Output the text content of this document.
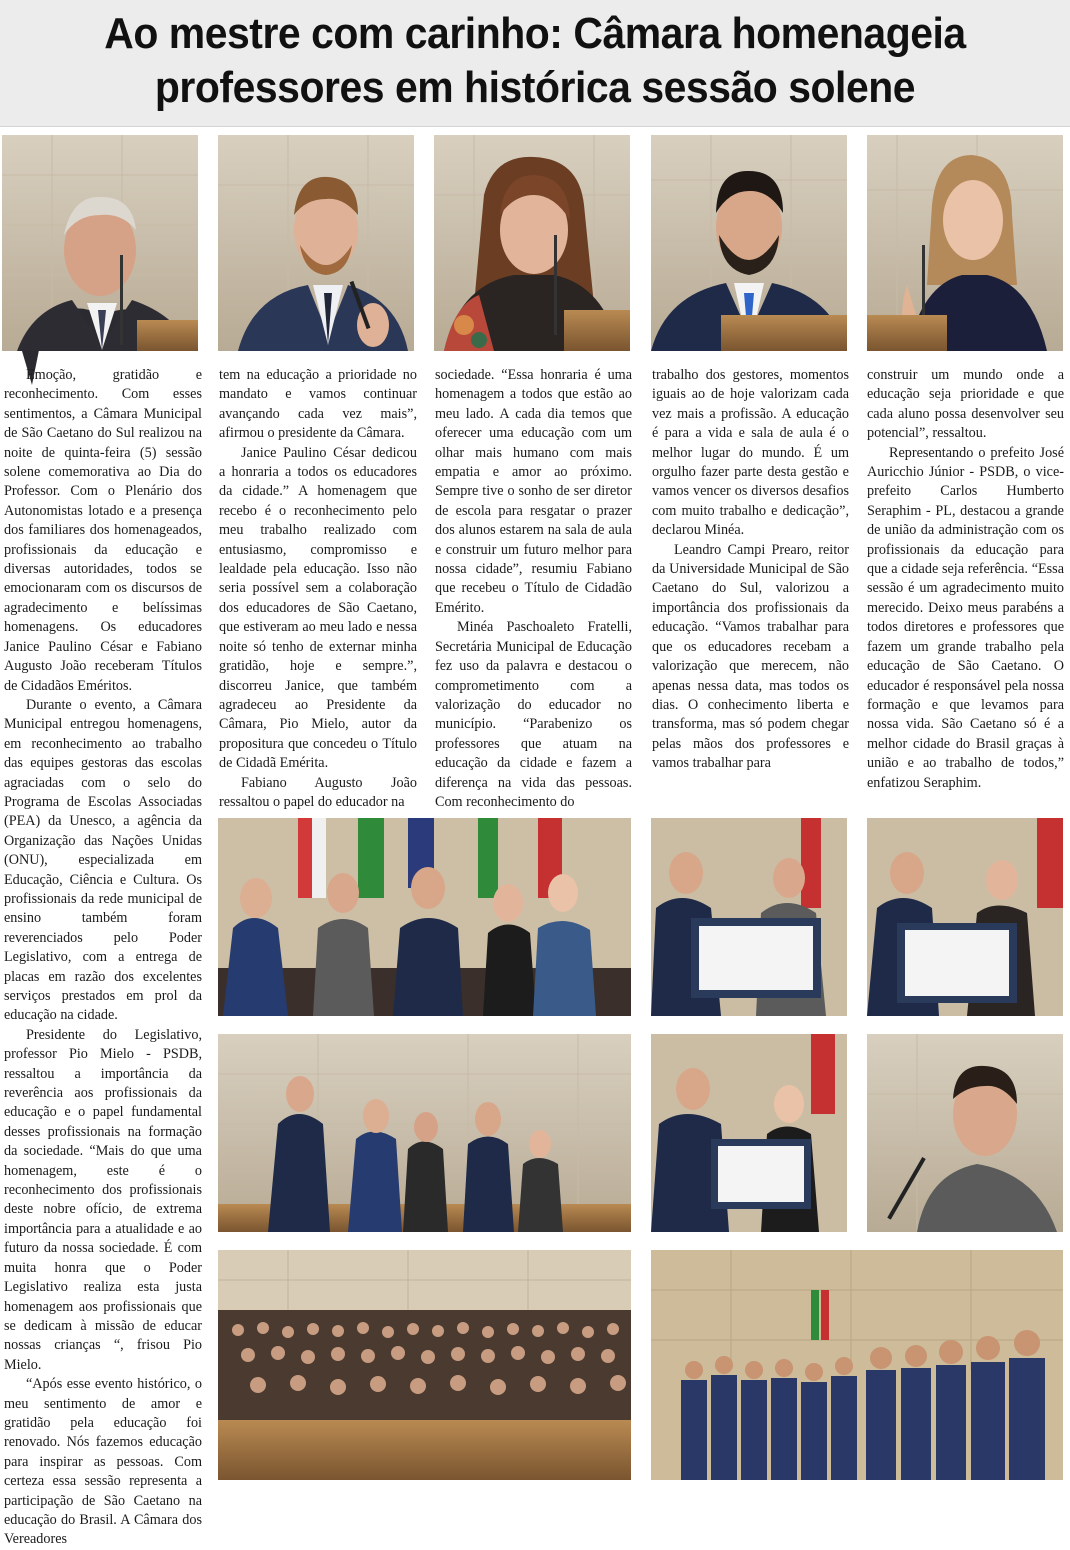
Ao mestre com carinho: Câmara homenageia
professores em histórica sessão solene

Emoção, gratidão e reconhecimento. Com esses sentimentos, a Câmara Municipal de São Caetano do Sul realizou na noite de quinta-feira (5) sessão solene comemorativa ao Dia do Professor. Com o Plenário dos Autonomistas lotado e a presença dos familiares dos homenageados, profissionais da educação e diversas autoridades, todos se emocionaram com os discursos de agradecimento e belíssimas homenagens. Os educadores Janice Paulino César e Fabiano Augusto João receberam Títulos de Cidadãos Eméritos.

Durante o evento, a Câmara Municipal entregou homenagens, em reconhecimento ao trabalho das equipes gestoras das escolas agraciadas com o selo do Programa de Escolas Associadas (PEA) da Unesco, a agência da Organização das Nações Unidas (ONU), especializada em Educação, Ciência e Cultura. Os profissionais da rede municipal de ensino também foram reverenciados pelo Poder Legislativo, com a entrega de placas em razão dos excelentes serviços prestados em prol da educação na cidade.

Presidente do Legislativo, professor Pio Mielo - PSDB, ressaltou a importância da reverência aos profissionais da educação e o papel fundamental desses profissionais na formação da sociedade. “Mais do que uma homenagem, este é o reconhecimento dos profissionais deste nobre ofício, de extrema importância para a atualidade e ao futuro da nossa sociedade. É com muita honra que o Poder Legislativo realiza esta justa homenagem aos profissionais que se dedicam à missão de educar nossas crianças “, frisou Pio Mielo.

“Após esse evento histórico, o meu sentimento de amor e gratidão pela educação foi renovado. Nós fazemos educação para inspirar as pessoas. Com certeza essa sessão representa a participação de São Caetano na educação do Brasil. A Câmara dos Vereadores

tem na educação a prioridade no mandato e vamos continuar avançando cada vez mais”, afirmou o presidente da Câmara.

Janice Paulino César dedicou a honraria a todos os educadores da cidade.” A homenagem que recebo é o reconhecimento pelo meu trabalho realizado com entusiasmo, compromisso e lealdade pela educação. Isso não seria possível sem a colaboração dos educadores de São Caetano, que estiveram ao meu lado e nessa noite só tenho de externar minha gratidão, hoje e sempre.”, discorreu Janice, que também agradeceu ao Presidente da Câmara, Pio Mielo, autor da propositura que concedeu o Título de Cidadã Emérita.

Fabiano Augusto João ressaltou o papel do educador na

sociedade. “Essa honraria é uma homenagem a todos que estão ao meu lado. A cada dia temos que oferecer uma educação com um olhar mais humano com mais empatia e amor ao próximo. Sempre tive o sonho de ser diretor de escola para resgatar o prazer dos alunos estarem na sala de aula e construir um futuro melhor para nossa cidade”, resumiu Fabiano que recebeu o Título de Cidadão Emérito.

Minéa Paschoaleto Fratelli, Secretária Municipal de Educação fez uso da palavra e destacou o comprometimento com a valorização do educador no município. “Parabenizo os professores que atuam na educação da cidade e fazem a diferença na vida das pessoas. Com reconhecimento do

trabalho dos gestores, momentos iguais ao de hoje valorizam cada vez mais a profissão. A educação é para a vida e sala de aula é o melhor lugar do mundo. É um orgulho fazer parte desta gestão e vamos vencer os diversos desafios com muito trabalho e dedicação”, declarou Minéa.

Leandro Campi Prearo, reitor da Universidade Municipal de São Caetano do Sul, valorizou a importância dos profissionais da educação. “Vamos trabalhar para que os educadores recebam a valorização que merecem, não apenas nessa data, mas todos os dias. O conhecimento liberta e transforma, mas só podem chegar pelas mãos dos professores e vamos trabalhar para

construir um mundo onde a educação seja prioridade e que cada aluno possa desenvolver seu potencial”, ressaltou.

Representando o prefeito José Auricchio Júnior - PSDB, o vice-prefeito Carlos Humberto Seraphim - PL, destacou a grande de união da administração com os profissionais da educação para que a cidade seja referência. “Essa sessão é um agradecimento muito merecido. Deixo meus parabéns a todos diretores e professores que fazem um grande trabalho pela educação de São Caetano. O educador é responsável pela nossa formação e que levamos para nossa vida. São Caetano só é a melhor cidade do Brasil graças à união e ao trabalho de todos,” enfatizou Seraphim.
